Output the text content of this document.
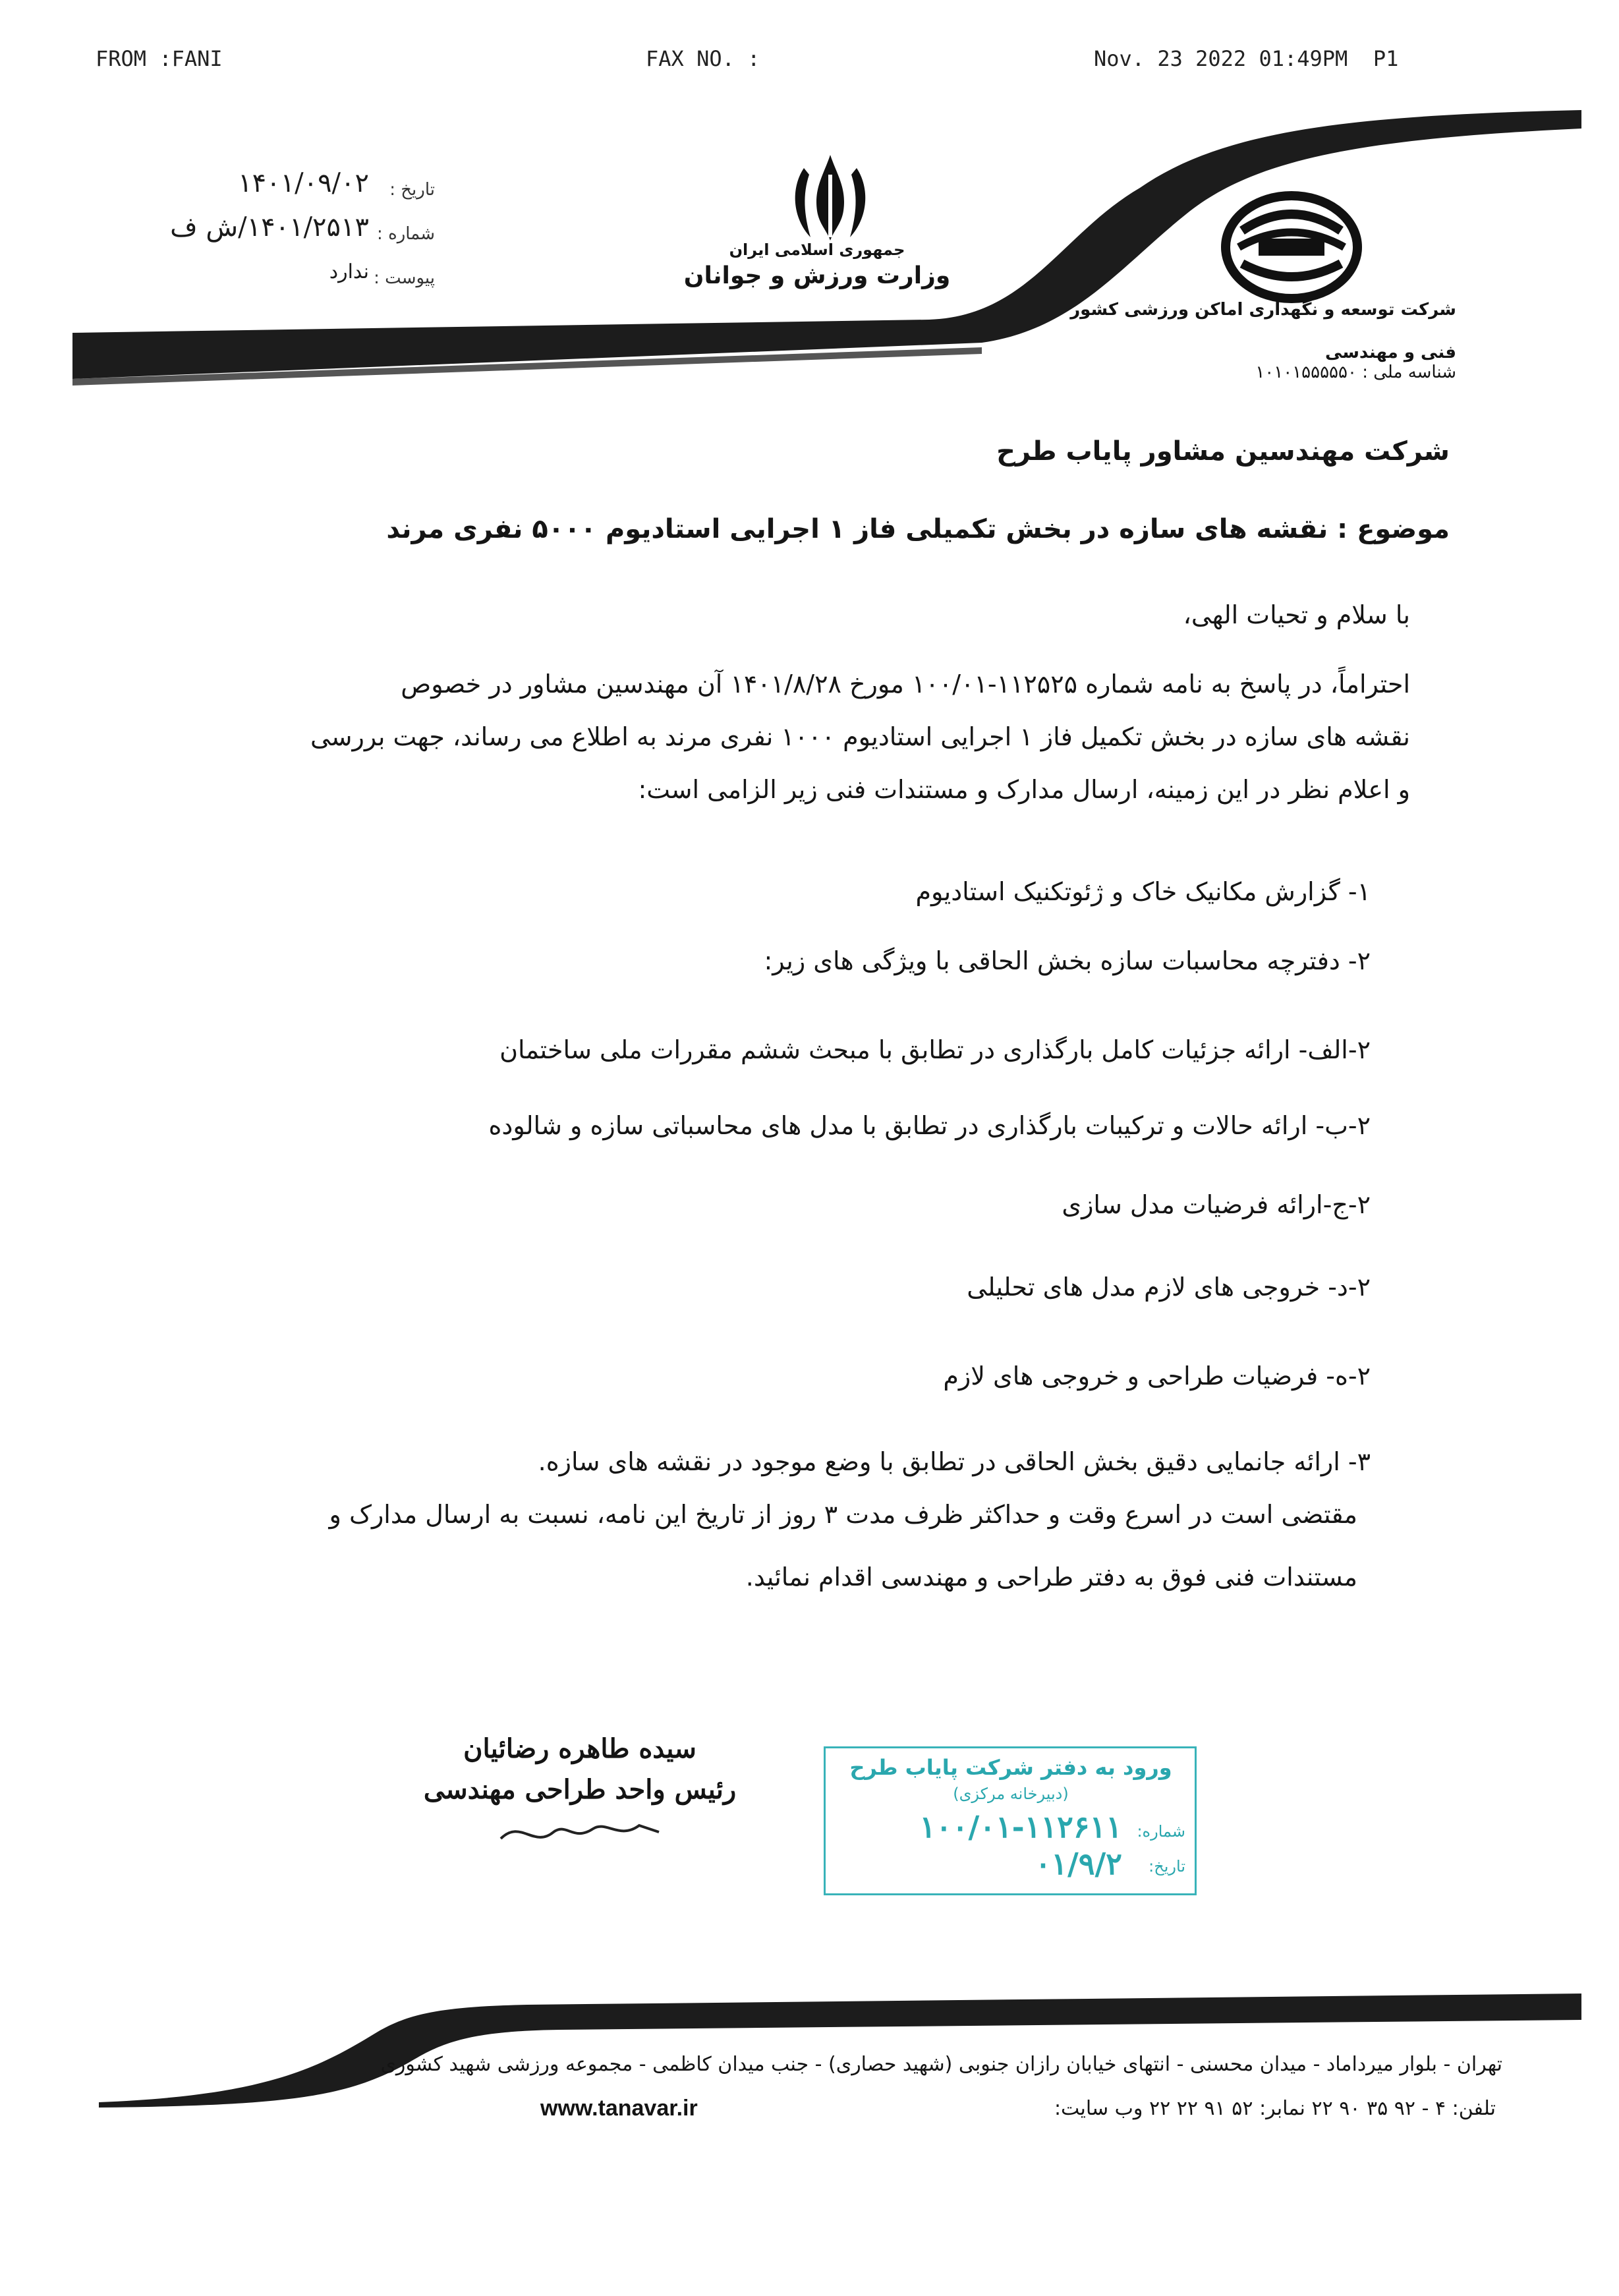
FROM :FANI	FAX NO. :	Nov. 23 2022 01:49PM  P1
تاریخ :
۱۴۰۱/۰۹/۰۲
شماره :
۱۴۰۱/۲۵۱۳/ش ف
پیوست :
ندارد
جمهوری اسلامی ایران
وزارت ورزش و جوانان
شرکت توسعه و نگهداری اماکن ورزشی کشور
فنی و مهندسی
شناسه ملی : ۱۰۱۰۱۵۵۵۵۵۰
شرکت مهندسین مشاور پایاب طرح
موضوع : نقشه های سازه در بخش تکمیلی فاز ۱ اجرایی استادیوم ۵۰۰۰ نفری مرند
با سلام و تحیات الهی،
احتراماً، در پاسخ به نامه شماره ۱۱۲۵۲۵-۱۰۰/۰۱ مورخ ۱۴۰۱/۸/۲۸ آن مهندسین مشاور در خصوص
نقشه های سازه در بخش تکمیل فاز ۱ اجرایی استادیوم ۱۰۰۰ نفری مرند به اطلاع می رساند، جهت بررسی
و اعلام نظر در این زمینه، ارسال مدارک و مستندات فنی زیر الزامی است:
۱- گزارش مکانیک خاک و ژئوتکنیک استادیوم
۲- دفترچه محاسبات سازه بخش الحاقی با ویژگی های زیر:
۲-الف- ارائه جزئیات کامل بارگذاری در تطابق با مبحث ششم مقررات ملی ساختمان
۲-ب- ارائه حالات و ترکیبات بارگذاری در تطابق با مدل های محاسباتی سازه و شالوده
۲-ج-ارائه فرضیات مدل سازی
۲-د- خروجی های لازم مدل های تحلیلی
۲-ه- فرضیات طراحی و خروجی های لازم
۳- ارائه جانمایی دقیق بخش الحاقی در تطابق با وضع موجود در نقشه های سازه.
مقتضی است در اسرع وقت و حداکثر ظرف مدت ۳ روز از تاریخ این نامه، نسبت به ارسال مدارک و
مستندات فنی فوق به دفتر طراحی و مهندسی اقدام نمائید.
سیده طاهره رضائیان
رئیس واحد طراحی مهندسی
ورود به دفتر شرکت پایاب طرح
(دبیرخانه مرکزی)
شماره:
۱۰۰/۰۱-۱۱۲۶۱۱
تاریخ:
۰۱/۹/۲
تهران - بلوار میرداماد - میدان محسنی - انتهای خیابان رازان جنوبی (شهید حصاری) - جنب میدان کاظمی - مجموعه ورزشی شهید کشوری
www.tanavar.ir	تلفن: ۴ - ۹۲ ۳۵ ۹۰ ۲۲ نمابر: ۵۲ ۹۱ ۲۲ ۲۲ وب سایت:
